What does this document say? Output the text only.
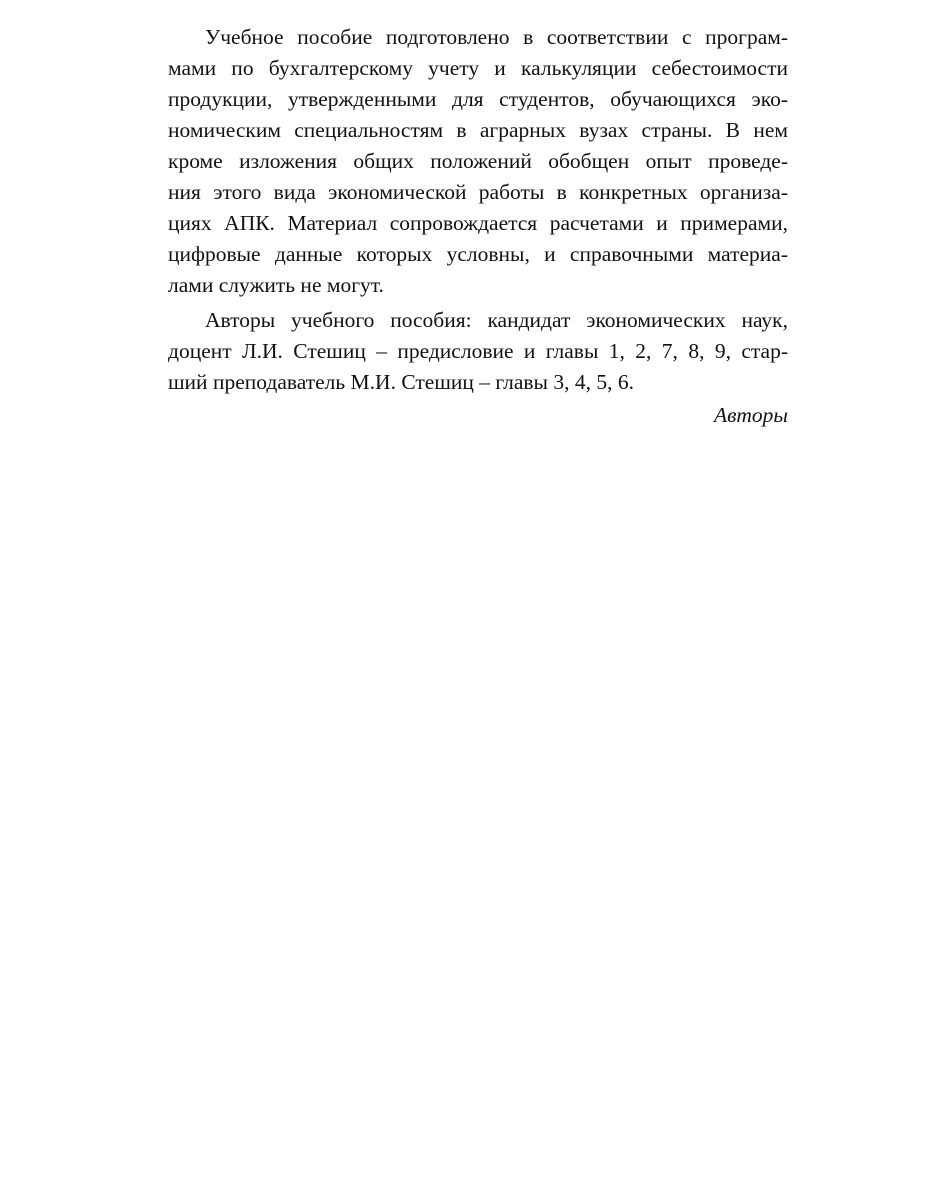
Учебное пособие подготовлено в соответствии с програм-
мами по бухгалтерскому учету и калькуляции себестоимости
продукции, утвержденными для студентов, обучающихся эко-
номическим специальностям в аграрных вузах страны. В нем
кроме изложения общих положений обобщен опыт проведе-
ния этого вида экономической работы в конкретных организа-
циях АПК. Материал сопровождается расчетами и примерами,
цифровые данные которых условны, и справочными материа-
лами служить не могут.
Авторы учебного пособия: кандидат экономических наук,
доцент Л.И. Стешиц – предисловие и главы 1, 2, 7, 8, 9, стар-
ший преподаватель М.И. Стешиц – главы 3, 4, 5, 6.
Авторы
